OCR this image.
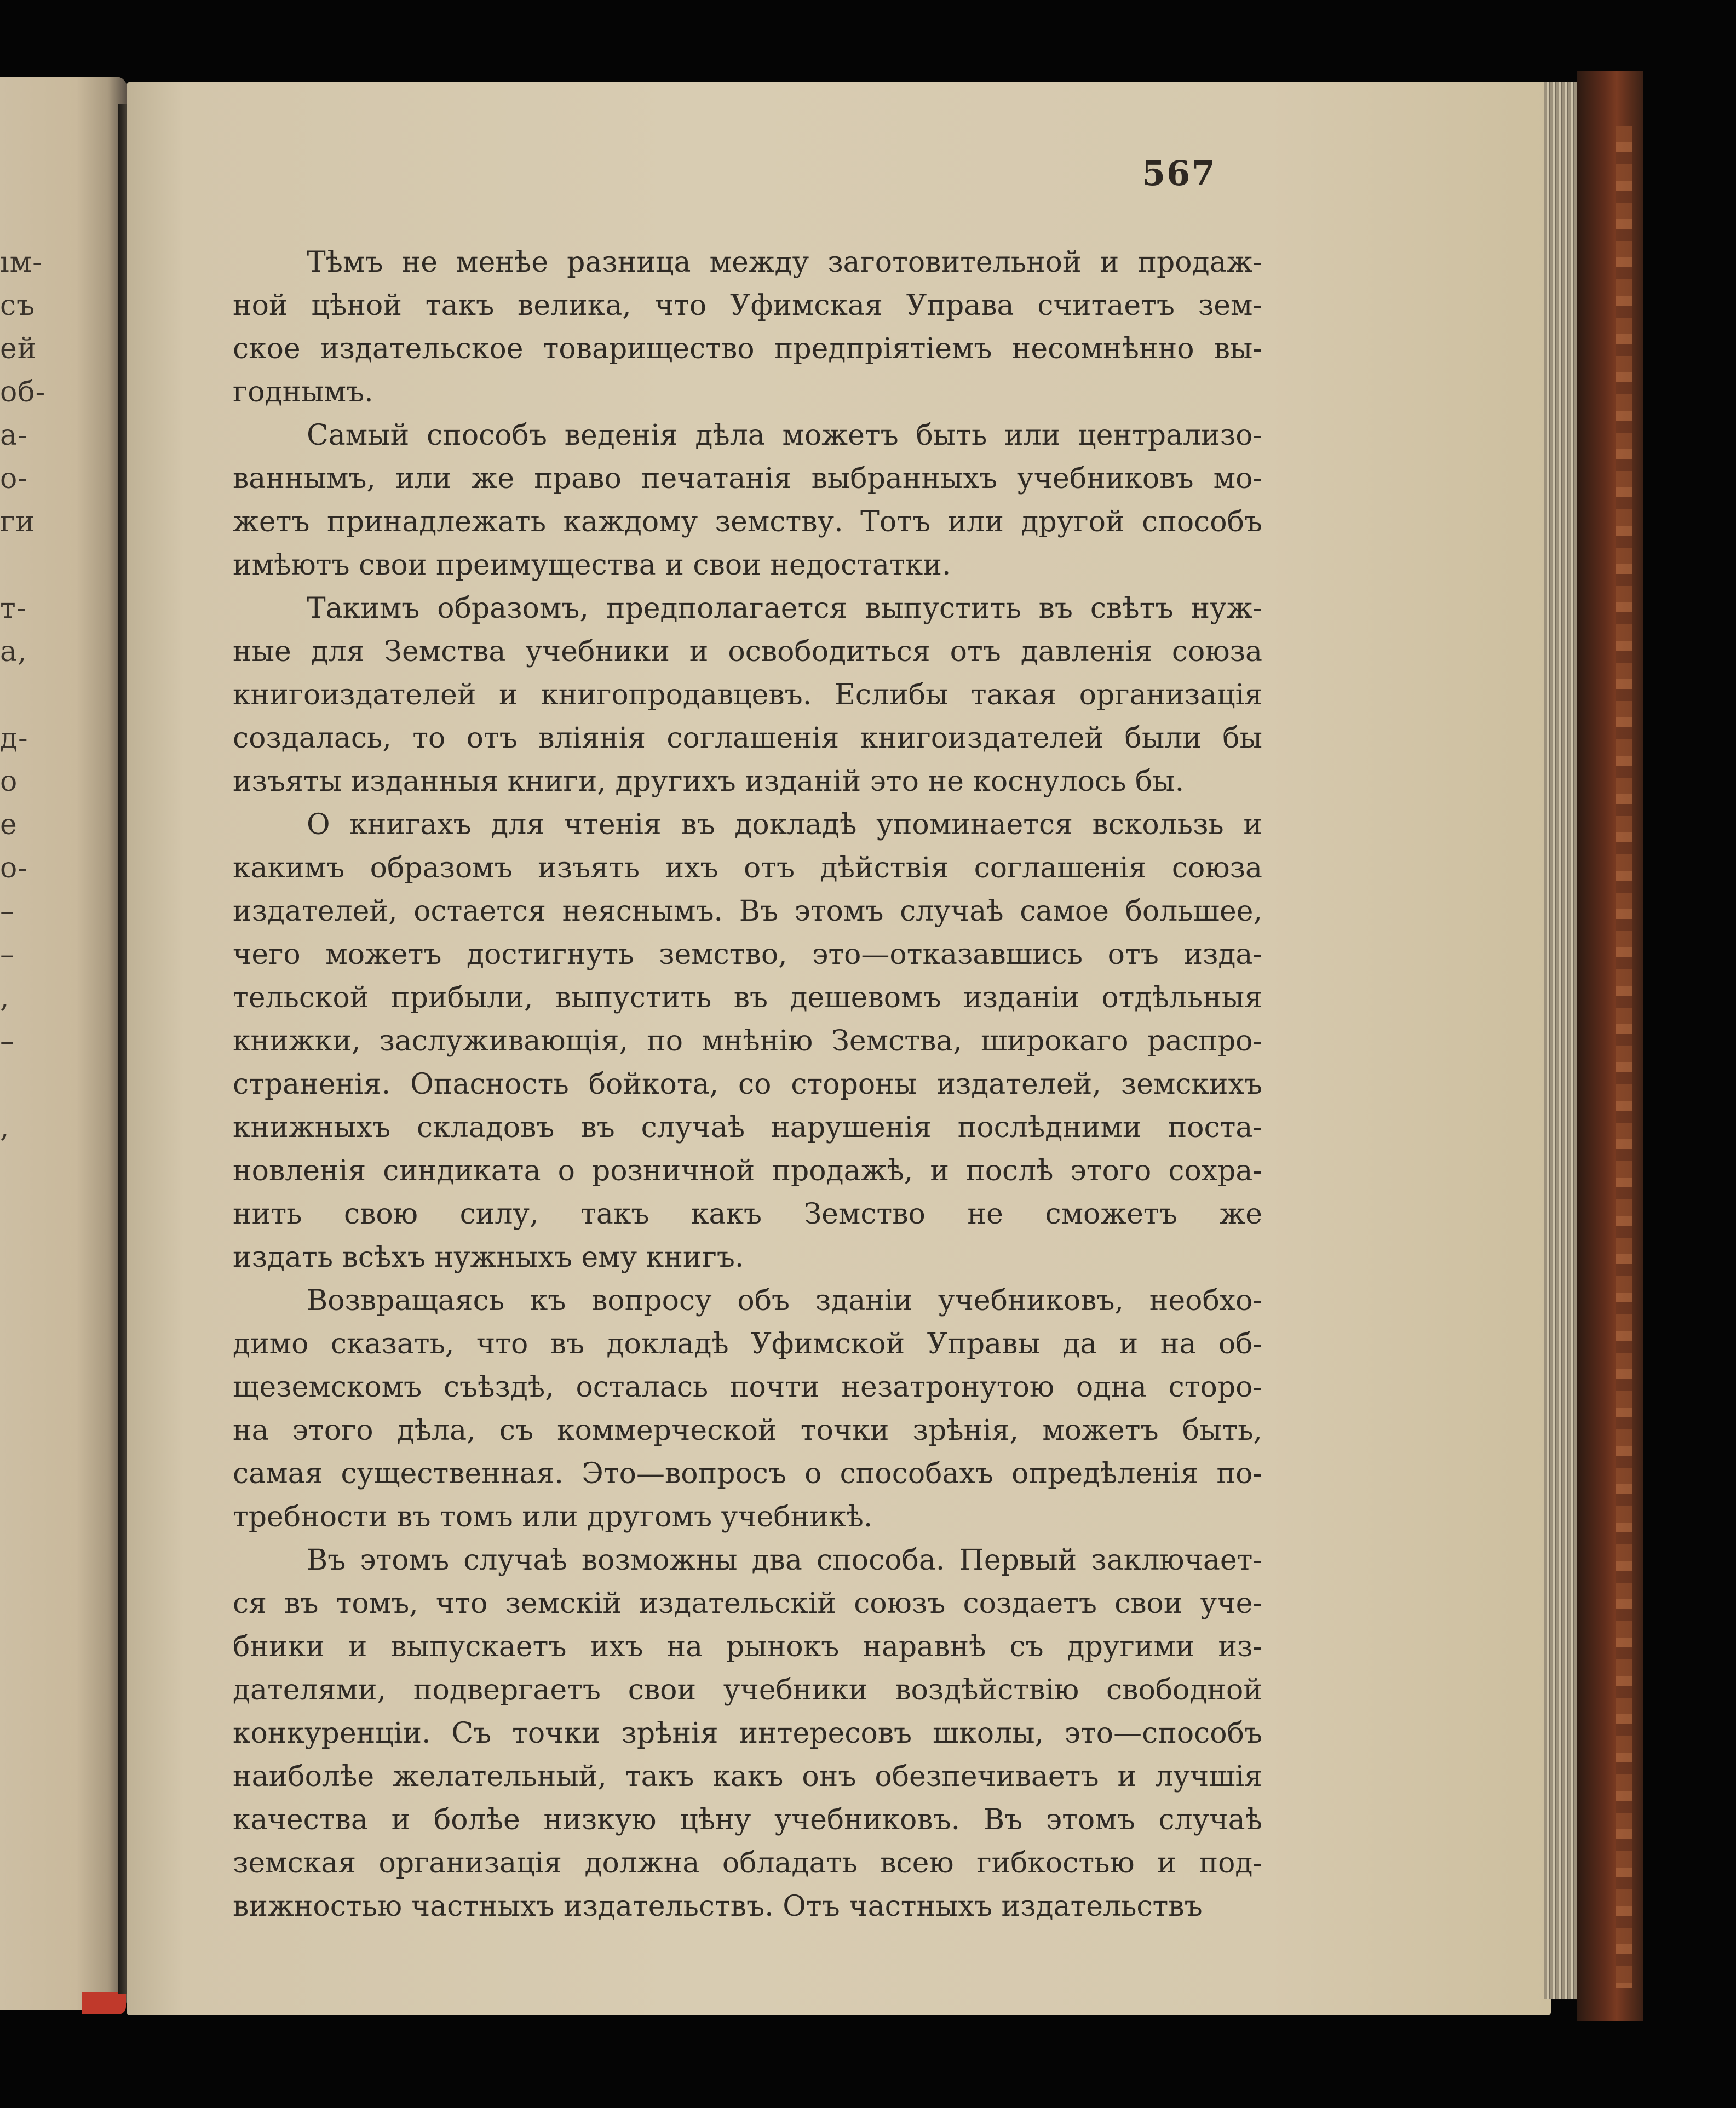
ıм-
съ
ей
об-
а-
о-
ги
т-
а,
д-
о
е
о-
–
–
,
–
,
567
Тѣмъ не менѣе разница между заготовительной и продаж-
ной цѣной такъ велика, что Уфимская Управа считаетъ зем-
ское издательское товарищество предпріятіемъ несомнѣнно вы-
годнымъ.
Самый способъ веденія дѣла можетъ быть или централизо-
ваннымъ, или же право печатанія выбранныхъ учебниковъ мо-
жетъ принадлежать каждому земству. Тотъ или другой способъ
имѣютъ свои преимущества и свои недостатки.
Такимъ образомъ, предполагается выпустить въ свѣтъ нуж-
ные для Земства учебники и освободиться отъ давленія союза
книгоиздателей и книгопродавцевъ. Еслибы такая организація
создалась, то отъ вліянія соглашенія книгоиздателей были бы
изъяты изданныя книги, другихъ изданій это не коснулось бы.
О книгахъ для чтенія въ докладѣ упоминается вскользь и
какимъ образомъ изъять ихъ отъ дѣйствія соглашенія союза
издателей, остается неяснымъ. Въ этомъ случаѣ самое большее,
чего можетъ достигнуть земство, это—отказавшись отъ изда-
тельской прибыли, выпустить въ дешевомъ изданіи отдѣльныя
книжки, заслуживающія, по мнѣнію Земства, широкаго распро-
страненія. Опасность бойкота, со стороны издателей, земскихъ
книжныхъ складовъ въ случаѣ нарушенія послѣдними поста-
новленія синдиката о розничной продажѣ, и послѣ этого сохра-
нить свою силу, такъ какъ Земство не сможетъ же
издать всѣхъ нужныхъ ему книгъ.
Возвращаясь къ вопросу объ зданіи учебниковъ, необхо-
димо сказать, что въ докладѣ Уфимской Управы да и на об-
щеземскомъ съѣздѣ, осталась почти незатронутою одна сторо-
на этого дѣла, съ коммерческой точки зрѣнія, можетъ быть,
самая существенная. Это—вопросъ о способахъ опредѣленія по-
требности въ томъ или другомъ учебникѣ.
Въ этомъ случаѣ возможны два способа. Первый заключает-
ся въ томъ, что земскій издательскій союзъ создаетъ свои уче-
бники и выпускаетъ ихъ на рынокъ наравнѣ съ другими из-
дателями, подвергаетъ свои учебники воздѣйствію свободной
конкуренціи. Съ точки зрѣнія интересовъ школы, это—способъ
наиболѣе желательный, такъ какъ онъ обезпечиваетъ и лучшія
качества и болѣе низкую цѣну учебниковъ. Въ этомъ случаѣ
земская организація должна обладать всею гибкостью и под-
вижностью частныхъ издательствъ. Отъ частныхъ издательствъ
